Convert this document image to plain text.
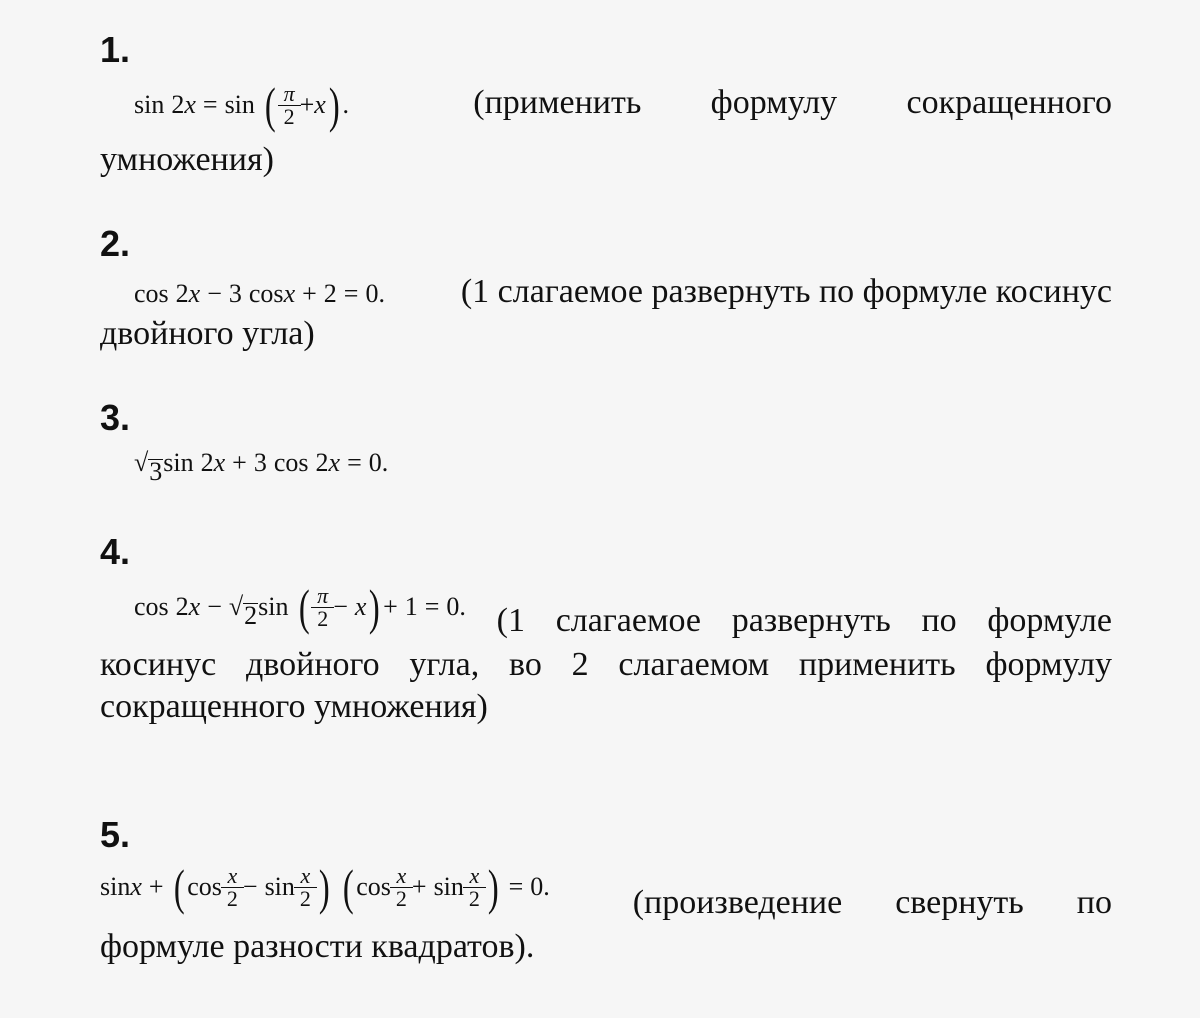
1.
sin 2 x = sin ( $\frac{\pi}{2} + x$ ) .	(применить формулу сокращенного
умножения)
2.
cos 2 x − 3 cos x + 2 = 0. (1 слагаемое развернуть по формуле косинус
двойного угла)
3.
√ 3 sin 2 x + 3 cos 2 x = 0.
4.
cos 2 x − √ 2 sin ( $\frac{\pi}{2} - x$ ) + 1 = 0. (1 слагаемое развернуть по формуле
косинус двойного угла, во 2 слагаемом применить формулу
сокращенного умножения)
5.
sin x + ( $\cos \frac{x}{2} - \sin \frac{x}{2}$ ) ( $\cos \frac{x}{2} + \sin \frac{x}{2}$ ) = 0. (произведение свернуть по
формуле разности квадратов).
